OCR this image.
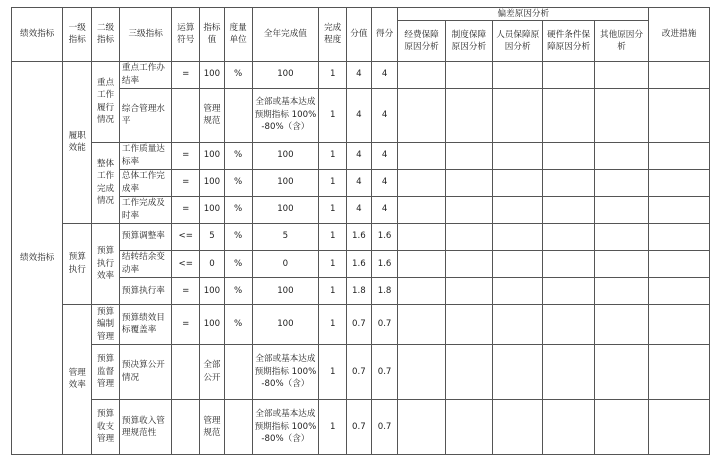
绩效指标	一级指标	二级指标	三级指标	运算符号	指标值	度量单位	全年完成值	完成程度	分值	得分	偏差原因分析					改进措施
											经费保障原因分析	制度保障原因分析	人员保障原因分析	硬件条件保障原因分析	其他原因分析	
绩效指标	履职效能	重点工作履行情况	重点工作办结率	=	100	%	100	1	4	4						
			综合管理水平		管理规范		全部或基本达成预期指标 100%-80%（含）	1	4	4						
		整体工作完成情况	工作质量达标率	=	100	%	100	1	4	4						
			总体工作完成率	=	100	%	100	1	4	4						
			工作完成及时率	=	100	%	100	1	4	4						
	预算执行	预算执行效率	预算调整率	<=	5	%	5	1	1.6	1.6						
			结转结余变动率	<=	0	%	0	1	1.6	1.6						
			预算执行率	=	100	%	100	1	1.8	1.8						
	管理效率	预算编制管理	预算绩效目标覆盖率	=	100	%	100	1	0.7	0.7						
		预算监督管理	预决算公开情况		全部公开		全部或基本达成预期指标 100%-80%（含）	1	0.7	0.7						
		预算收支管理	预算收入管理规范性		管理规范		全部或基本达成预期指标 100%-80%（含）	1	0.7	0.7						
